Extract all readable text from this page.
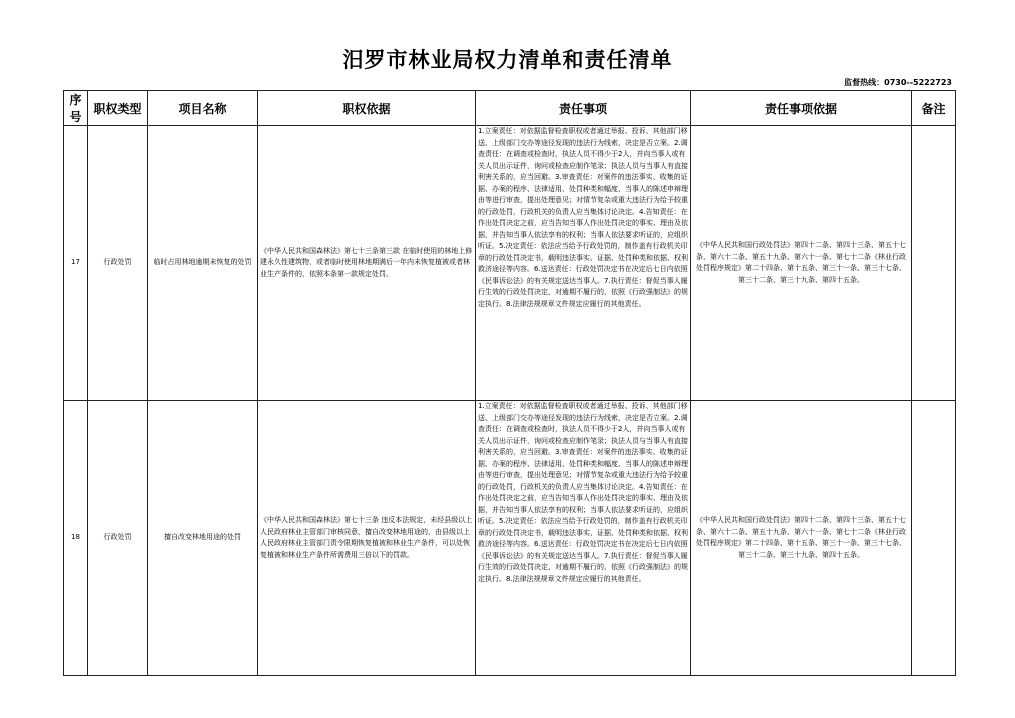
汨罗市林业局权力清单和责任清单
监督热线：0730--5222723
序号	职权类型	项目名称	职权依据	责任事项	责任事项依据	备注
17	行政处罚	临时占用林地逾期未恢复的处罚	《中华人民共和国森林法》第七十三条第三款 在临时使用的林地上修建永久性建筑物，或者临时使用林地期满后一年内未恢复植被或者林业生产条件的，依照本条第一款规定处罚。	1.立案责任：对依据监督检查职权或者通过举报、投诉、其他部门移送、上级部门交办等途径发现的违法行为线索，决定是否立案。2.调查责任：在调查或检查时，执法人员不得少于2人，并向当事人或有关人员出示证件，询问或检查应制作笔录；执法人员与当事人有直接利害关系的，应当回避。3.审查责任：对案件的违法事实、收集的证据、办案的程序、法律适用、处罚种类和幅度、当事人的陈述申辩理由等进行审查，提出处理意见；对情节复杂或重大违法行为给予较重的行政处罚，行政机关的负责人应当集体讨论决定。4.告知责任：在作出处罚决定之前，应当告知当事人作出处罚决定的事实、理由及依据，并告知当事人依法享有的权利；当事人依法要求听证的，应组织听证。5.决定责任：依法应当给予行政处罚的，制作盖有行政机关印章的行政处罚决定书，载明违法事实、证据、处罚种类和依据、权利救济途径等内容。6.送达责任：行政处罚决定书在决定后七日内依照《民事诉讼法》的有关规定送达当事人。7.执行责任：督促当事人履行生效的行政处罚决定，对逾期不履行的，依照《行政强制法》的规定执行。8.法律法规规章文件规定应履行的其他责任。	《中华人民共和国行政处罚法》第四十二条、第四十三条、第五十七条、第六十二条、第五十九条、第六十一条、第七十二条《林业行政处罚程序规定》第二十四条、第十五条、第三十一条、第三十七条、第三十二条、第三十九条、第四十五条。	
18	行政处罚	擅自改变林地用途的处罚	《中华人民共和国森林法》第七十三条 违反本法规定，未经县级以上人民政府林业主管部门审核同意，擅自改变林地用途的，由县级以上人民政府林业主管部门责令限期恢复植被和林业生产条件，可以处恢复植被和林业生产条件所需费用三倍以下的罚款。	1.立案责任：对依据监督检查职权或者通过举报、投诉、其他部门移送、上级部门交办等途径发现的违法行为线索，决定是否立案。2.调查责任：在调查或检查时，执法人员不得少于2人，并向当事人或有关人员出示证件，询问或检查应制作笔录；执法人员与当事人有直接利害关系的，应当回避。3.审查责任：对案件的违法事实、收集的证据、办案的程序、法律适用、处罚种类和幅度、当事人的陈述申辩理由等进行审查，提出处理意见；对情节复杂或重大违法行为给予较重的行政处罚，行政机关的负责人应当集体讨论决定。4.告知责任：在作出处罚决定之前，应当告知当事人作出处罚决定的事实、理由及依据，并告知当事人依法享有的权利；当事人依法要求听证的，应组织听证。5.决定责任：依法应当给予行政处罚的，制作盖有行政机关印章的行政处罚决定书，载明违法事实、证据、处罚种类和依据、权利救济途径等内容。6.送达责任：行政处罚决定书在决定后七日内依照《民事诉讼法》的有关规定送达当事人。7.执行责任：督促当事人履行生效的行政处罚决定，对逾期不履行的，依照《行政强制法》的规定执行。8.法律法规规章文件规定应履行的其他责任。	《中华人民共和国行政处罚法》第四十二条、第四十三条、第五十七条、第六十二条、第五十九条、第六十一条、第七十二条《林业行政处罚程序规定》第二十四条、第十五条、第三十一条、第三十七条、第三十二条、第三十九条、第四十五条。	
